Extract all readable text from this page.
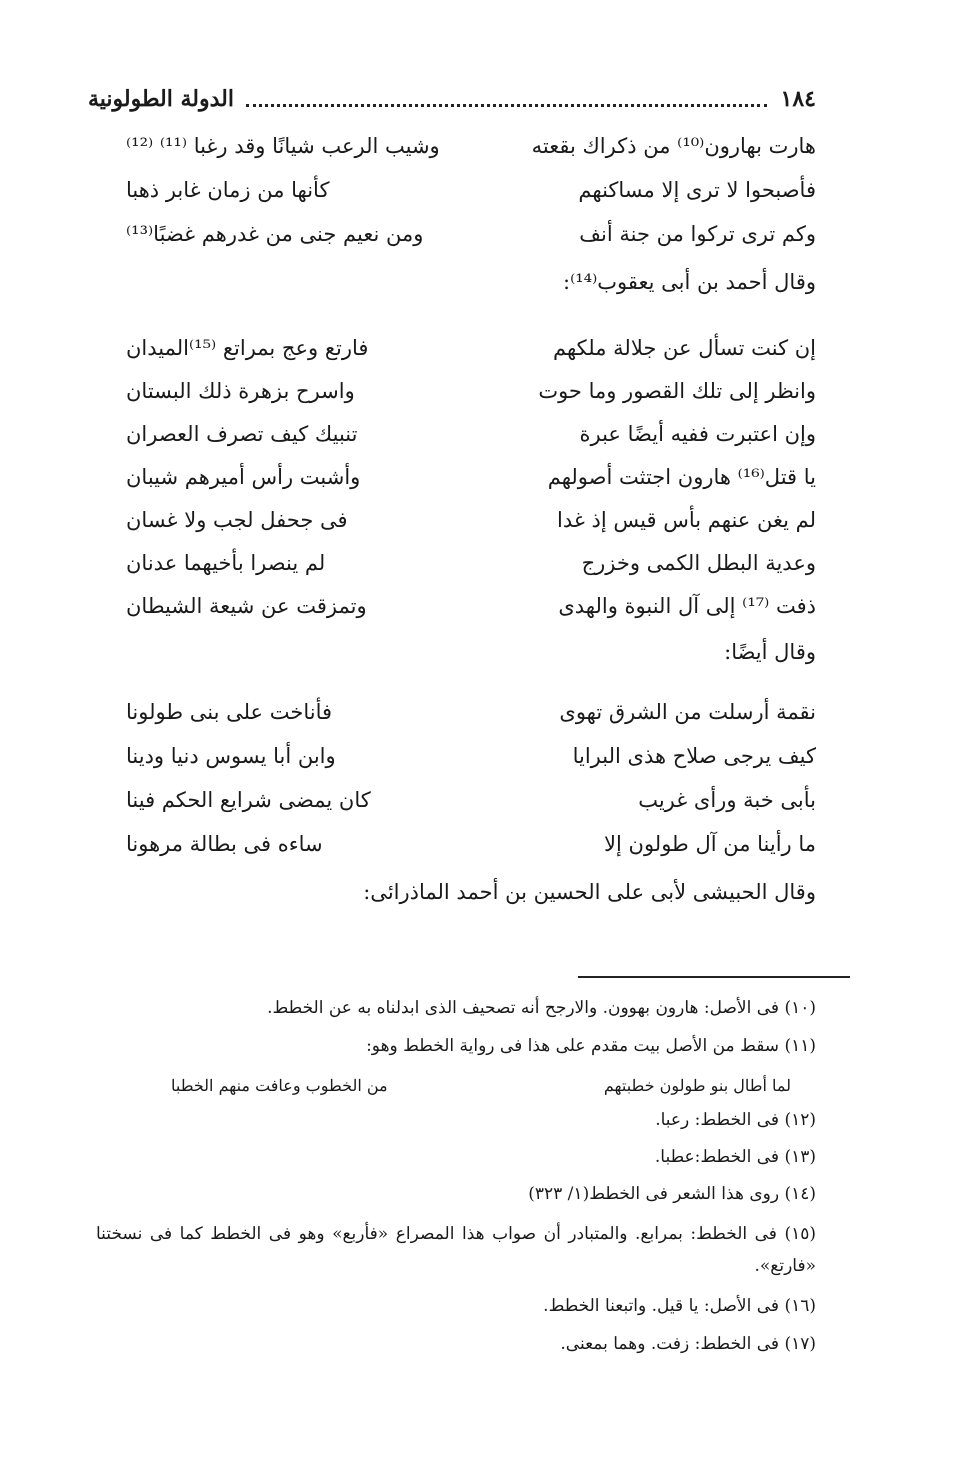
١٨٤
الدولة الطولونية
هارت بهارون⁽¹⁰⁾ من ذكراك بقعته
وشيب الرعب شيانًا وقد رغبا ⁽¹¹⁾ ⁽¹²⁾
فأصبحوا لا ترى إلا مساكنهم
كأنها من زمان غابر ذهبا
وكم ترى تركوا من جنة أنف
ومن نعيم جنى من غدرهم غضبًا⁽¹³⁾
وقال أحمد بن أبى يعقوب⁽¹⁴⁾:
إن كنت تسأل عن جلالة ملكهم
فارتع وعج بمراتع ⁽¹⁵⁾الميدان
وانظر إلى تلك القصور وما حوت
واسرح بزهرة ذلك البستان
وإن اعتبرت ففيه أيضًا عبرة
تنبيك كيف تصرف العصران
يا قتل⁽¹⁶⁾ هارون اجتثت أصولهم
وأشبت رأس أميرهم شيبان
لم يغن عنهم بأس قيس إذ غدا
فى جحفل لجب ولا غسان
وعدية البطل الكمى وخزرج
لم ينصرا بأخيهما عدنان
ذفت ⁽¹⁷⁾ إلى آل النبوة والهدى
وتمزقت عن شيعة الشيطان
وقال أيضًا:
نقمة أرسلت من الشرق تهوى
فأناخت على بنى طولونا
كيف يرجى صلاح هذى البرايا
وابن أبا يسوس دنيا ودينا
بأبى خبة ورأى غريب
كان يمضى شرايع الحكم فينا
ما رأينا من آل طولون إلا
ساءه فى بطالة مرهونا
وقال الحبيشى لأبى على الحسين بن أحمد الماذرائى:
(١٠) فى الأصل: هارون بهوون. والارجح أنه تصحيف الذى ابدلناه به عن الخطط.
(١١) سقط من الأصل بيت مقدم على هذا فى رواية الخطط وهو:
لما أطال بنو طولون خطبتهم
من الخطوب وعافت منهم الخطبا
(١٢) فى الخطط: رعبا.
(١٣) فى الخطط:عطبا.
(١٤) روى هذا الشعر فى الخطط(١/ ٣٢٣)
(١٥) فى الخطط: بمرابع. والمتبادر أن صواب هذا المصراع «فأربع» وهو فى الخطط كما فى نسختنا «فارتع».
(١٦) فى الأصل: يا قيل. واتبعنا الخطط.
(١٧) فى الخطط: زفت. وهما بمعنى.
